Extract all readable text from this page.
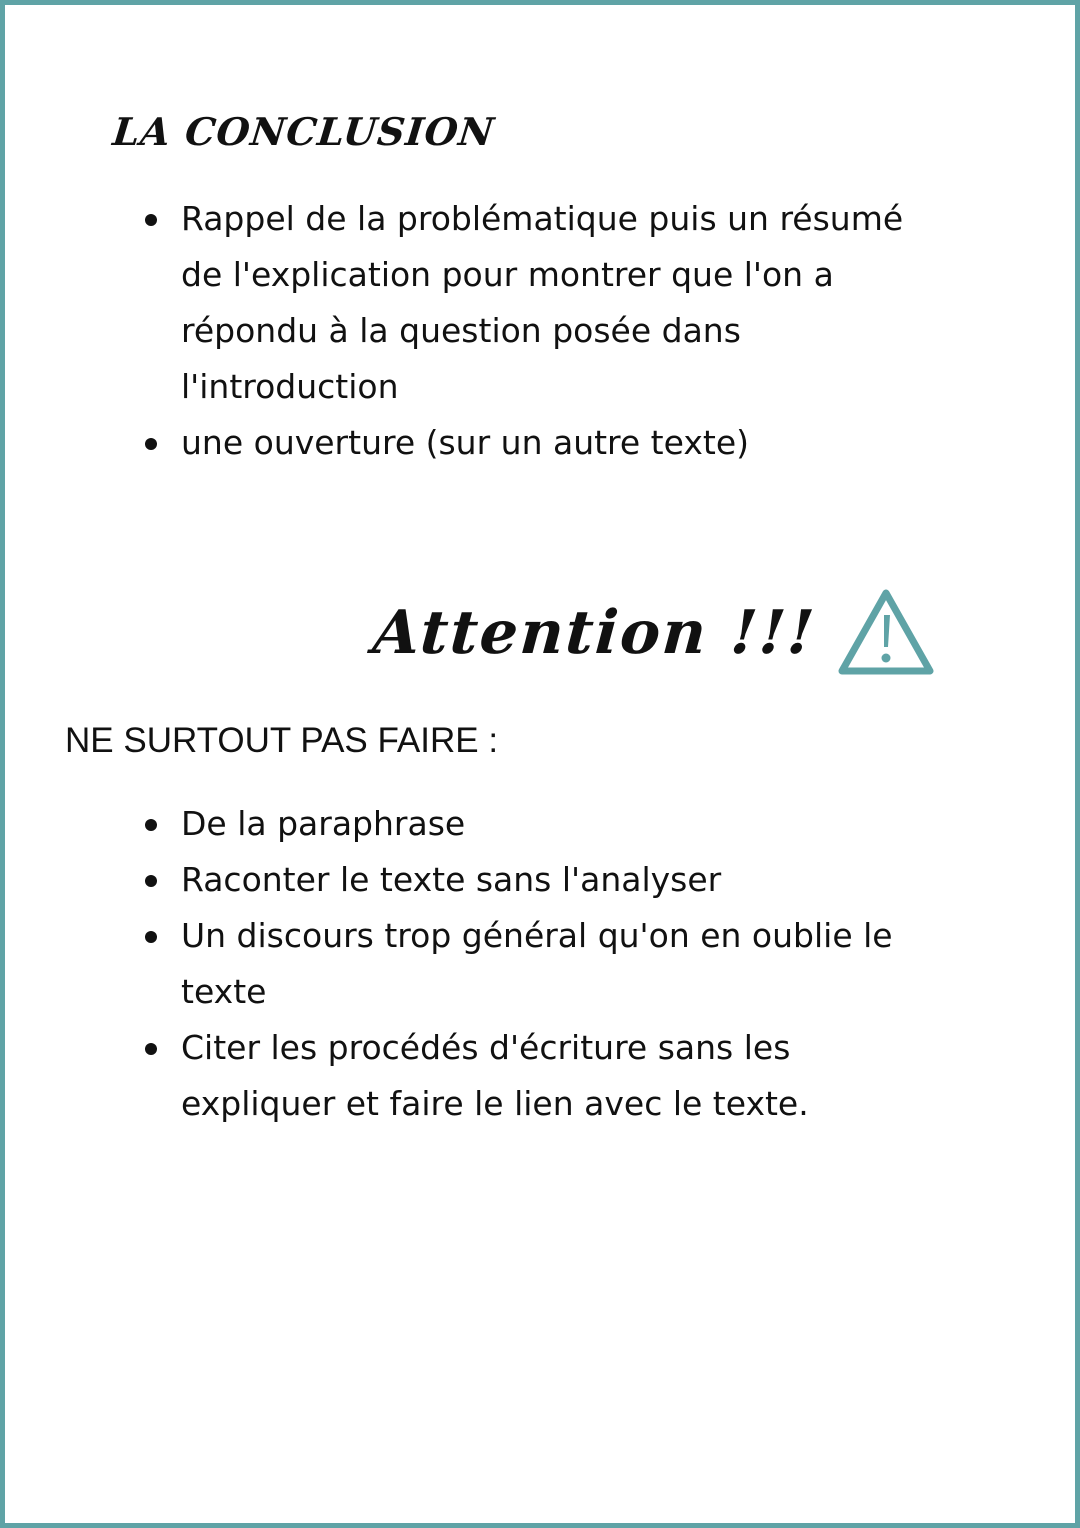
LA CONCLUSION
Rappel de la problématique puis un résumé de l'explication pour montrer que l'on a répondu à la question posée dans l'introduction
une ouverture (sur un autre texte)
Attention !!!
NE SURTOUT PAS FAIRE :
De la paraphrase
Raconter le texte sans l'analyser
Un discours trop général qu'on en oublie le texte
Citer les procédés d'écriture sans les expliquer et faire le lien avec le texte.
